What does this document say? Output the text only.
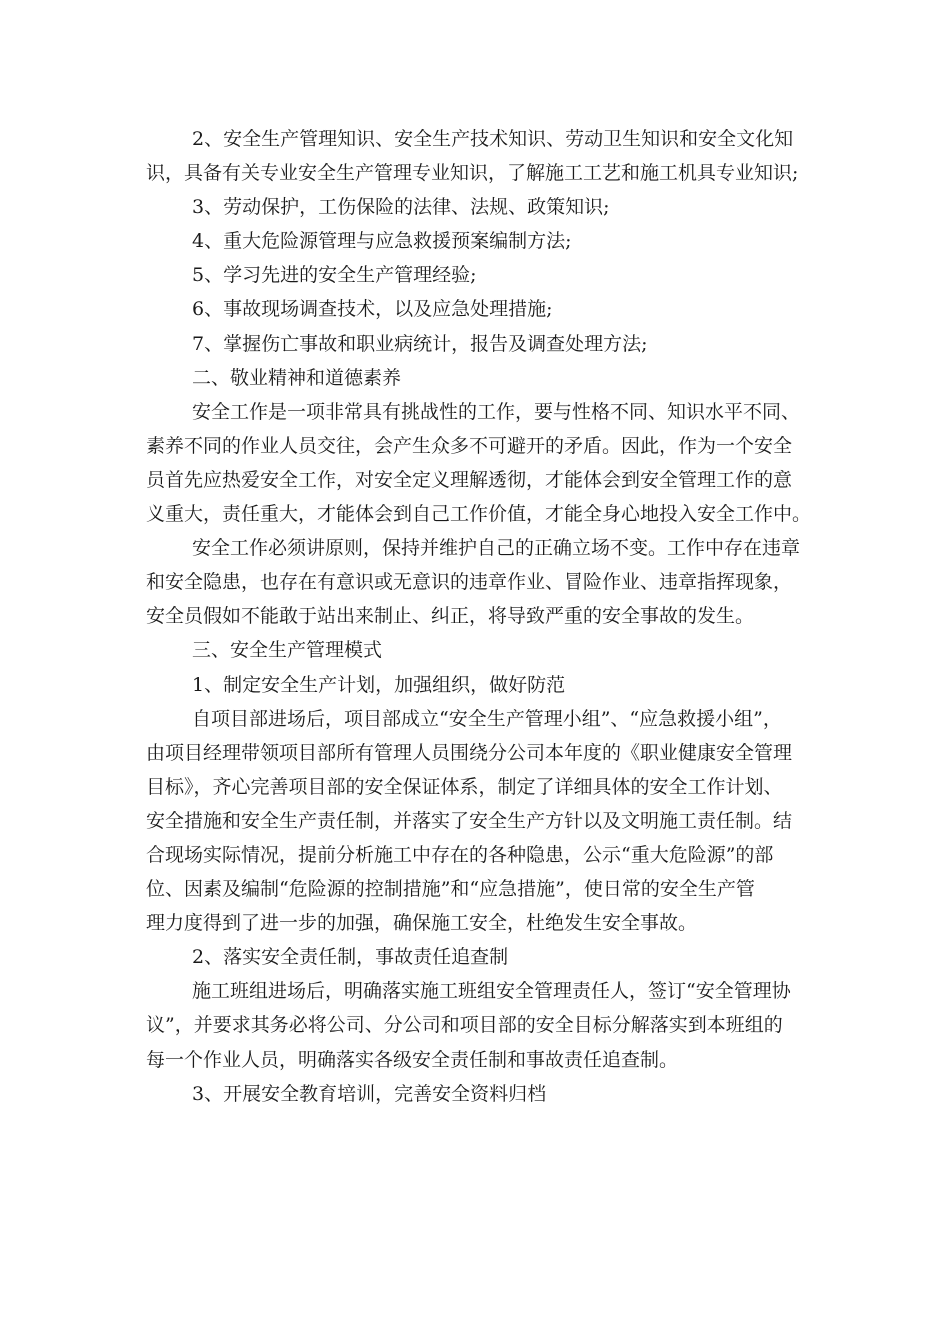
2、安全生产管理知识、安全生产技术知识、劳动卫生知识和安全文化知

识，具备有关专业安全生产管理专业知识，了解施工工艺和施工机具专业知识;

3、劳动保护，工伤保险的法律、法规、政策知识;

4、重大危险源管理与应急救援预案编制方法;

5、学习先进的安全生产管理经验;

6、事故现场调查技术，以及应急处理措施;

7、掌握伤亡事故和职业病统计，报告及调查处理方法;

二、敬业精神和道德素养

安全工作是一项非常具有挑战性的工作，要与性格不同、知识水平不同、

素养不同的作业人员交往，会产生众多不可避开的矛盾。因此，作为一个安全

员首先应热爱安全工作，对安全定义理解透彻，才能体会到安全管理工作的意

义重大，责任重大，才能体会到自己工作价值，才能全身心地投入安全工作中。

安全工作必须讲原则，保持并维护自己的正确立场不变。工作中存在违章

和安全隐患，也存在有意识或无意识的违章作业、冒险作业、违章指挥现象，

安全员假如不能敢于站出来制止、纠正，将导致严重的安全事故的发生。

三、安全生产管理模式

1、制定安全生产计划，加强组织，做好防范

自项目部进场后，项目部成立“安全生产管理小组”、“应急救援小组”，

由项目经理带领项目部所有管理人员围绕分公司本年度的《职业健康安全管理

目标》，齐心完善项目部的安全保证体系，制定了详细具体的安全工作计划、

安全措施和安全生产责任制，并落实了安全生产方针以及文明施工责任制。结

合现场实际情况，提前分析施工中存在的各种隐患，公示“重大危险源”的部

位、因素及编制“危险源的控制措施”和“应急措施”，使日常的安全生产管

理力度得到了进一步的加强，确保施工安全，杜绝发生安全事故。

2、落实安全责任制，事故责任追查制

施工班组进场后，明确落实施工班组安全管理责任人，签订“安全管理协

议”，并要求其务必将公司、分公司和项目部的安全目标分解落实到本班组的

每一个作业人员，明确落实各级安全责任制和事故责任追查制。

3、开展安全教育培训，完善安全资料归档
